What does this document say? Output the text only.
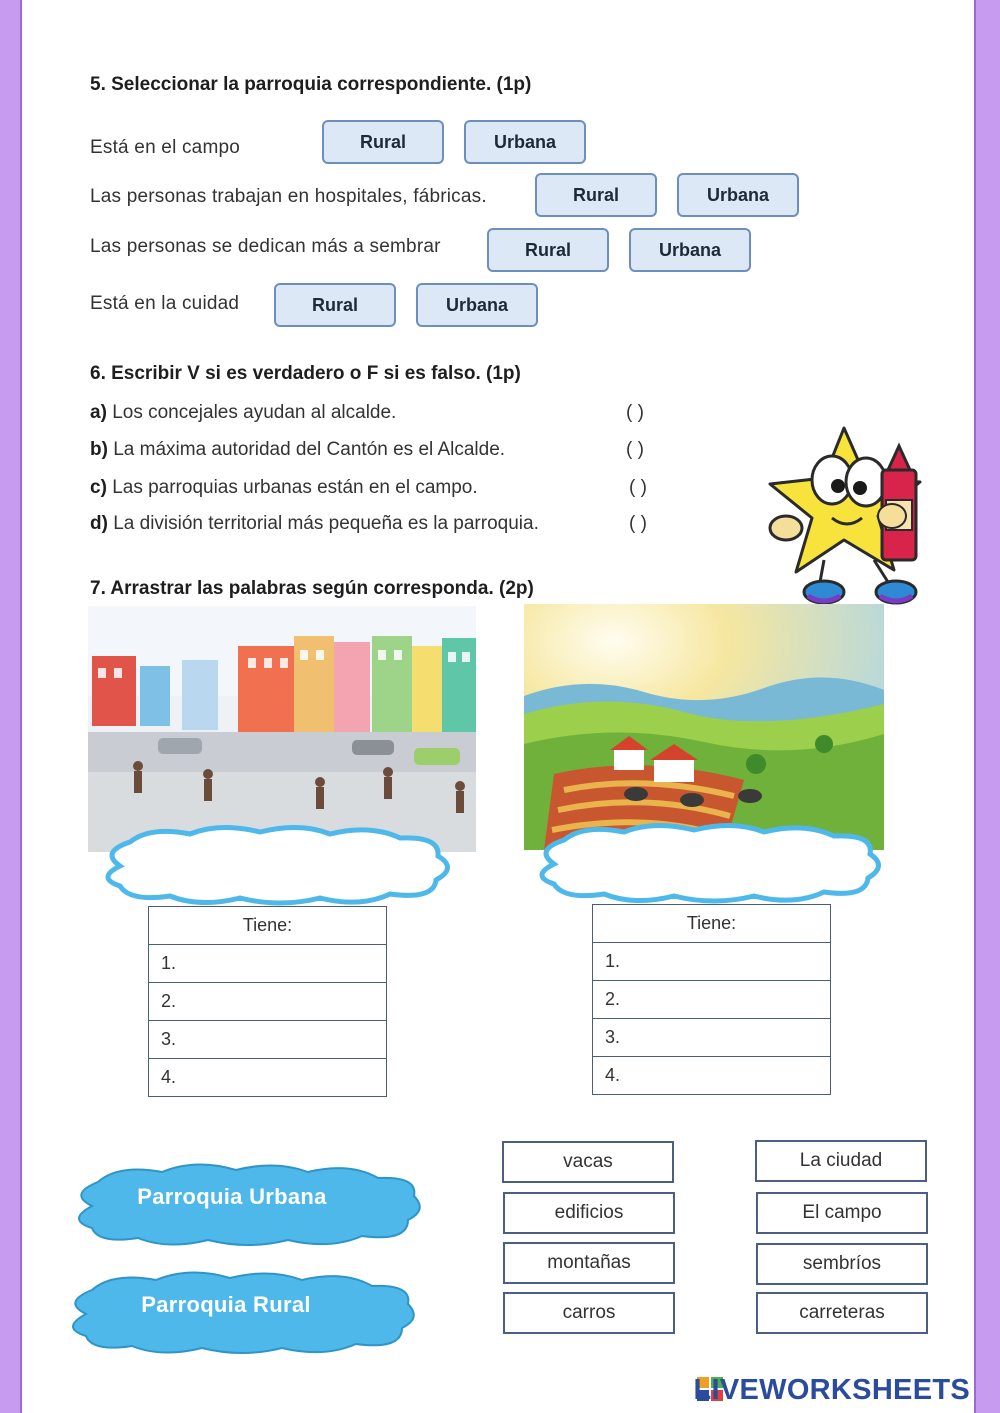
5. Seleccionar la parroquia correspondiente. (1p)
Está en el campo	Rural	Urbana
Las personas trabajan en hospitales, fábricas.	Rural	Urbana
Las personas se dedican más a sembrar	Rural	Urbana
Está en la cuidad	Rural	Urbana
6. Escribir V si es verdadero o F si es falso. (1p)
a) Los concejales ayudan al alcalde.	( )
b) La máxima autoridad del Cantón es el Alcalde.	( )
c) Las parroquias urbanas están en el campo.	( )
d) La división territorial más pequeña es la parroquia.	( )
7. Arrastrar las palabras según corresponda. (2p)
Tiene:
1.
2.
3.
4.
Tiene:
1.
2.
3.
4.
Parroquia Urbana
Parroquia Rural
vacas
edificios
montañas
carros
La ciudad
El campo
sembríos
carreteras
LIVEWORKSHEETS
